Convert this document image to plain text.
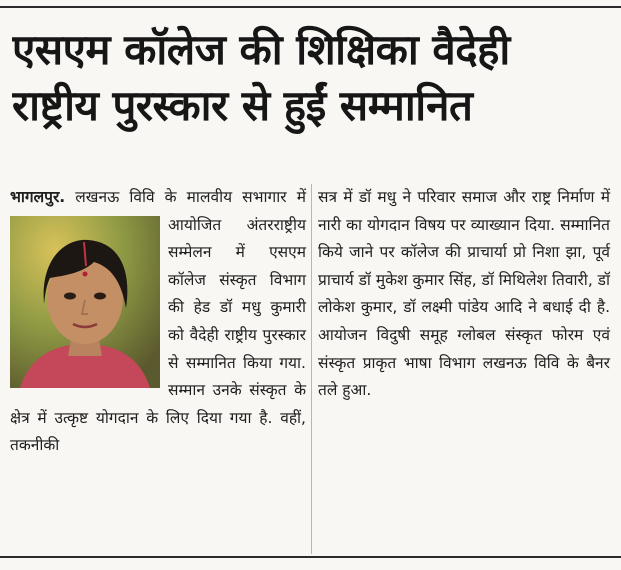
एसएम कॉलेज की शिक्षिका वैदेही
राष्ट्रीय पुरस्कार से हुईं सम्मानित

भागलपुर. लखनऊ विवि के मालवीय सभागार में आयोजित अंतरराष्ट्रीय सम्मेलन में एसएम कॉलेज संस्कृत विभाग की हेड डॉ मधु कुमारी को वैदेही राष्ट्रीय पुरस्कार से सम्मानित किया गया. सम्मान उनके संस्कृत के क्षेत्र में उत्कृष्ट योगदान के लिए दिया गया है. वहीं, तकनीकी

सत्र में डॉ मधु ने परिवार समाज और राष्ट्र निर्माण में नारी का योगदान विषय पर व्याख्यान दिया. सम्मानित किये जाने पर कॉलेज की प्राचार्या प्रो निशा झा, पूर्व प्राचार्य डॉ मुकेश कुमार सिंह, डॉ मिथिलेश तिवारी, डॉ लोकेश कुमार, डॉ लक्ष्मी पांडेय आदि ने बधाई दी है. आयोजन विदुषी समूह ग्लोबल संस्कृत फोरम एवं संस्कृत प्राकृत भाषा विभाग लखनऊ विवि के बैनर तले हुआ.
